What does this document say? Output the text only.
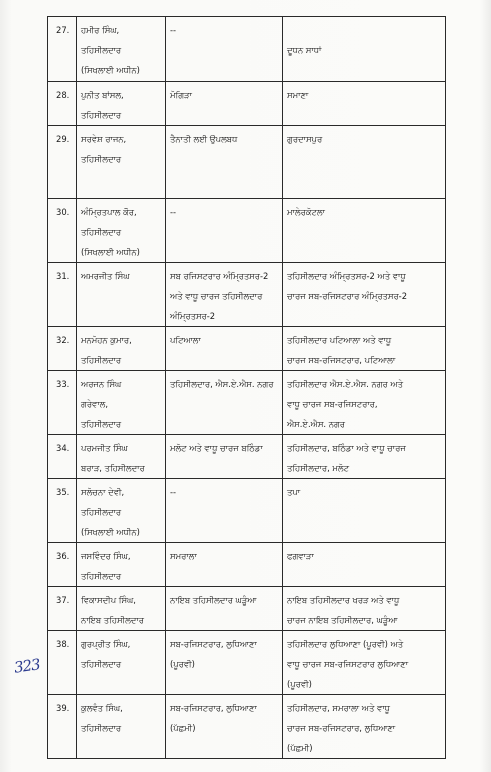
27.	ਹਮੀਰ ਸਿੰਘ,
ਤਹਿਸੀਲਦਾਰ
(ਸਿਖਲਾਈ ਅਧੀਨ)	--	ਦੂਧਨ ਸਾਧਾਂ

28.	ਪੁਨੀਤ ਬਾਂਸਲ,
ਤਹਿਸੀਲਦਾਰ	ਮੋਗਿੜਾ	ਸਮਾਣਾ

29.	ਸਰਵੇਸ਼ ਰਾਜਨ,
ਤਹਿਸੀਲਦਾਰ	ਤੈਨਾਤੀ ਲਈ ਉਪਲਬਧ	ਗੁਰਦਾਸਪੁਰ

30.	ਅੰਮ੍ਰਿਤਪਾਲ ਕੌਰ,
ਤਹਿਸੀਲਦਾਰ
(ਸਿਖਲਾਈ ਅਧੀਨ)	--	ਮਾਲੇਰਕੋਟਲਾ

31.	ਅਮਰਜੀਤ ਸਿੰਘ	ਸਬ ਰਜਿਸਟਰਾਰ ਅੰਮ੍ਰਿਤਸਰ-2
ਅਤੇ ਵਾਧੂ ਚਾਰਜ ਤਹਿਸੀਲਦਾਰ
ਅੰਮ੍ਰਿਤਸਰ-2	ਤਹਿਸੀਲਦਾਰ ਅੰਮ੍ਰਿਤਸਰ-2 ਅਤੇ ਵਾਧੂ
ਚਾਰਜ ਸਬ-ਰਜਿਸਟਰਾਰ ਅੰਮ੍ਰਿਤਸਰ-2

32.	ਮਨਮੋਹਨ ਕੁਮਾਰ,
ਤਹਿਸੀਲਦਾਰ	ਪਟਿਆਲਾ	ਤਹਿਸੀਲਦਾਰ ਪਟਿਆਲਾ ਅਤੇ ਵਾਧੂ
ਚਾਰਜ ਸਬ-ਰਜਿਸਟਰਾਰ, ਪਟਿਆਲਾ

33.	ਅਰਜਨ ਸਿੰਘ
ਗਰੇਵਾਲ,
ਤਹਿਸੀਲਦਾਰ	ਤਹਿਸੀਲਦਾਰ, ਐਸ.ਏ.ਐਸ. ਨਗਰ	ਤਹਿਸੀਲਦਾਰ ਐਸ.ਏ.ਐਸ. ਨਗਰ ਅਤੇ
ਵਾਧੂ ਚਾਰਜ ਸਬ-ਰਜਿਸਟਰਾਰ,
ਐਸ.ਏ.ਐਸ. ਨਗਰ

34.	ਪਰਮਜੀਤ ਸਿੰਘ
ਬਰਾੜ, ਤਹਿਸੀਲਦਾਰ	ਮਲੋਟ ਅਤੇ ਵਾਧੂ ਚਾਰਜ ਬਠਿੰਡਾ	ਤਹਿਸੀਲਦਾਰ, ਬਠਿੰਡਾ ਅਤੇ ਵਾਧੂ ਚਾਰਜ
ਤਹਿਸੀਲਦਾਰ, ਮਲੋਟ

35.	ਸਲੋਚਨਾ ਦੇਵੀ,
ਤਹਿਸੀਲਦਾਰ
(ਸਿਖਲਾਈ ਅਧੀਨ)	--	ਤਪਾ

36.	ਜਸਵਿੰਦਰ ਸਿੰਘ,
ਤਹਿਸੀਲਦਾਰ	ਸਮਰਾਲਾ	ਫਗਵਾੜਾ

37.	ਵਿਕਾਸਦੀਪ ਸਿੰਘ,
ਨਾਇਬ ਤਹਿਸੀਲਦਾਰ	ਨਾਇਬ ਤਹਿਸੀਲਦਾਰ ਘੜੂੰਆ	ਨਾਇਬ ਤਹਿਸੀਲਦਾਰ ਖਰੜ ਅਤੇ ਵਾਧੂ
ਚਾਰਜ ਨਾਇਬ ਤਹਿਸੀਲਦਾਰ, ਘੜੂੰਆ

38.	ਗੁਰਪ੍ਰੀਤ ਸਿੰਘ,
ਤਹਿਸੀਲਦਾਰ	ਸਬ-ਰਜਿਸਟਰਾਰ, ਲੁਧਿਆਣਾ
(ਪੂਰਵੀ)	ਤਹਿਸੀਲਦਾਰ ਲੁਧਿਆਣਾ (ਪੂਰਵੀ) ਅਤੇ
ਵਾਧੂ ਚਾਰਜ ਸਬ-ਰਜਿਸਟਰਾਰ ਲੁਧਿਆਣਾ
(ਪੂਰਵੀ)

39.	ਕੁਲਵੰਤ ਸਿੰਘ,
ਤਹਿਸੀਲਦਾਰ	ਸਬ-ਰਜਿਸਟਰਾਰ, ਲੁਧਿਆਣਾ
(ਪੱਛਮੀ)	ਤਹਿਸੀਲਦਾਰ, ਸਮਰਾਲਾ ਅਤੇ ਵਾਧੂ
ਚਾਰਜ ਸਬ-ਰਜਿਸਟਰਾਰ, ਲੁਧਿਆਣਾ
(ਪੱਛਮੀ)
323
